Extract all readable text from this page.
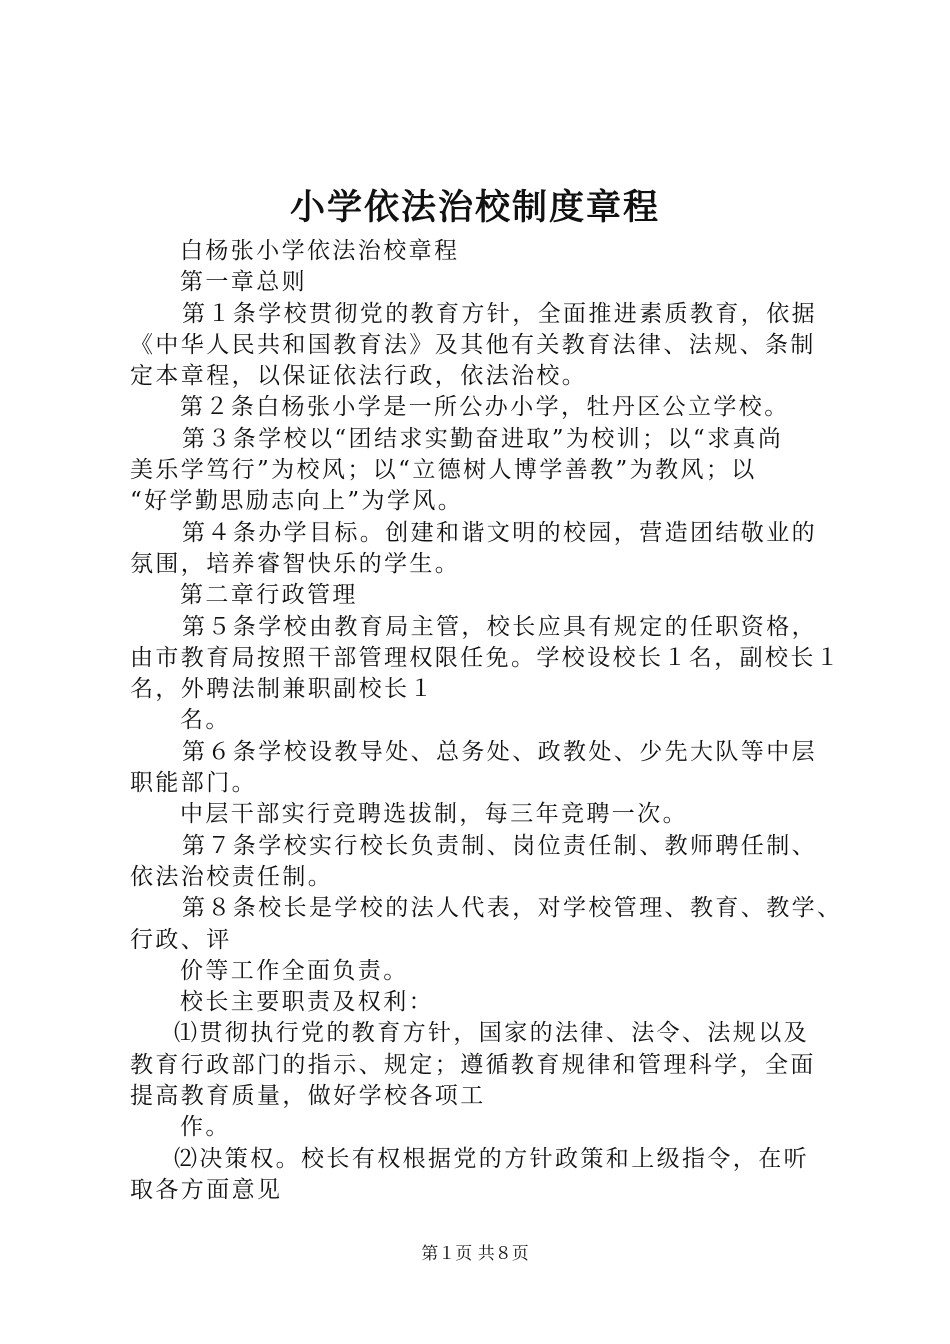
小学依法治校制度章程
白杨张小学依法治校章程
第一章总则
第１条学校贯彻党的教育方针，全面推进素质教育，依据
《中华人民共和国教育法》及其他有关教育法律、法规、条制
定本章程，以保证依法行政，依法治校。
第２条白杨张小学是一所公办小学，牡丹区公立学校。
第３条学校以“团结求实勤奋进取”为校训；以“求真尚
美乐学笃行”为校风；以“立德树人博学善教”为教风；以
“好学勤思励志向上”为学风。
第４条办学目标。创建和谐文明的校园，营造团结敬业的
氛围，培养睿智快乐的学生。
第二章行政管理
第５条学校由教育局主管，校长应具有规定的任职资格，
由市教育局按照干部管理权限任免。学校设校长１名，副校长１
名，外聘法制兼职副校长１
名。
第６条学校设教导处、总务处、政教处、少先大队等中层
职能部门。
中层干部实行竞聘选拔制，每三年竞聘一次。
第７条学校实行校长负责制、岗位责任制、教师聘任制、
依法治校责任制。
第８条校长是学校的法人代表，对学校管理、教育、教学、
行政、评
价等工作全面负责。
校长主要职责及权利：
⑴贯彻执行党的教育方针，国家的法律、法令、法规以及
教育行政部门的指示、规定；遵循教育规律和管理科学，全面
提高教育质量，做好学校各项工
作。
⑵决策权。校长有权根据党的方针政策和上级指令，在听
取各方面意见
第１页 共８页
